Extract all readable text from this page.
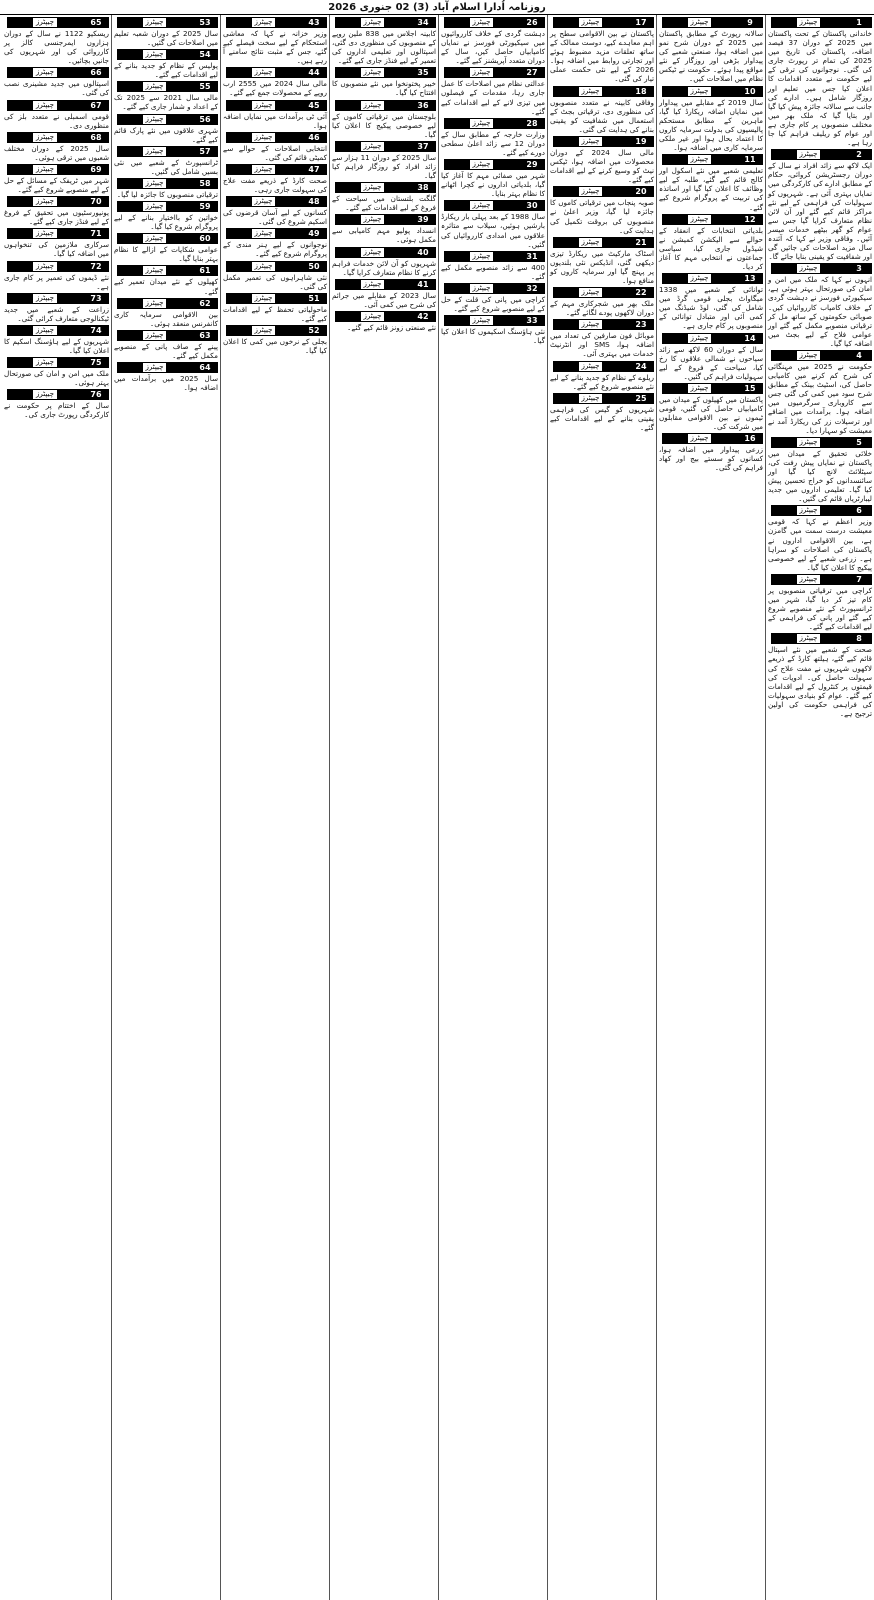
روزنامہ اُدارا اسلام آباد (3) 02 جنوری 2026
چیپٹرز	1

خاندانی پاکستان کے تحت پاکستان میں 2025 کے دوران 37 فیصد اضافہ، پاکستان کی تاریخ میں 2025 کی تمام تر رپورٹ جاری کی گئی۔ نوجوانوں کی ترقی کے لیے حکومت نے متعدد اقدامات کا اعلان کیا جس میں تعلیم اور روزگار شامل ہیں۔ ادارے کی جانب سے سالانہ جائزہ پیش کیا گیا اور بتایا گیا کہ ملک بھر میں مختلف منصوبوں پر کام جاری ہے اور عوام کو ریلیف فراہم کیا جا رہا ہے۔

چیپٹرز	2

ایک لاکھ سے زائد افراد نے سال کے دوران رجسٹریشن کروائی، حکام کے مطابق ادارے کی کارکردگی میں نمایاں بہتری آئی ہے۔ شہریوں کو سہولیات کی فراہمی کے لیے نئے مراکز قائم کیے گئے اور آن لائن نظام متعارف کرایا گیا جس سے عوام کو گھر بیٹھے خدمات میسر آئیں۔ وفاقی وزیر نے کہا کہ آئندہ سال مزید اصلاحات کی جائیں گی اور شفافیت کو یقینی بنایا جائے گا۔

چیپٹرز	3

انہوں نے کہا کہ ملک میں امن و امان کی صورتحال بہتر ہوئی ہے، سیکیورٹی فورسز نے دہشت گردی کے خلاف کامیاب کارروائیاں کیں۔ صوبائی حکومتوں کے ساتھ مل کر ترقیاتی منصوبے مکمل کیے گئے اور عوامی فلاح کے لیے بجٹ میں اضافہ کیا گیا۔

چیپٹرز	4

حکومت نے 2025 میں مہنگائی کی شرح کم کرنے میں کامیابی حاصل کی، اسٹیٹ بینک کے مطابق شرح سود میں کمی کی گئی جس سے کاروباری سرگرمیوں میں اضافہ ہوا۔ برآمدات میں اضافے اور ترسیلات زر کی ریکارڈ آمد نے معیشت کو سہارا دیا۔

چیپٹرز	5

خلائی تحقیق کے میدان میں پاکستان نے نمایاں پیش رفت کی، سیٹلائٹ لانچ کیا گیا اور سائنسدانوں کو خراج تحسین پیش کیا گیا۔ تعلیمی اداروں میں جدید لیبارٹریاں قائم کی گئیں۔

چیپٹرز	6

وزیر اعظم نے کہا کہ قومی معیشت درست سمت میں گامزن ہے، بین الاقوامی اداروں نے پاکستان کی اصلاحات کو سراہا ہے۔ زرعی شعبے کے لیے خصوصی پیکیج کا اعلان کیا گیا۔

چیپٹرز	7

کراچی میں ترقیاتی منصوبوں پر کام تیز کر دیا گیا، شہر میں ٹرانسپورٹ کے نئے منصوبے شروع کیے گئے اور پانی کی فراہمی کے لیے اقدامات کیے گئے۔

چیپٹرز	8

صحت کے شعبے میں نئے اسپتال قائم کیے گئے، ہیلتھ کارڈ کے ذریعے لاکھوں شہریوں نے مفت علاج کی سہولت حاصل کی۔ ادویات کی قیمتوں پر کنٹرول کے لیے اقدامات کیے گئے۔ عوام کو بنیادی سہولیات کی فراہمی حکومت کی اولین ترجیح ہے۔

چیپٹرز	9

سالانہ رپورٹ کے مطابق پاکستان میں 2025 کے دوران شرح نمو میں اضافہ ہوا، صنعتی شعبے کی پیداوار بڑھی اور روزگار کے نئے مواقع پیدا ہوئے۔ حکومت نے ٹیکس نظام میں اصلاحات کیں۔

چیپٹرز	10

سال 2019 کے مقابلے میں پیداوار میں نمایاں اضافہ ریکارڈ کیا گیا، ماہرین کے مطابق مستحکم پالیسیوں کی بدولت سرمایہ کاروں کا اعتماد بحال ہوا اور غیر ملکی سرمایہ کاری میں اضافہ ہوا۔

چیپٹرز	11

تعلیمی شعبے میں نئے اسکول اور کالج قائم کیے گئے، طلبہ کے لیے وظائف کا اعلان کیا گیا اور اساتذہ کی تربیت کے پروگرام شروع کیے گئے۔

چیپٹرز	12

بلدیاتی انتخابات کے انعقاد کے حوالے سے الیکشن کمیشن نے شیڈول جاری کیا، سیاسی جماعتوں نے انتخابی مہم کا آغاز کر دیا۔

چیپٹرز	13

توانائی کے شعبے میں 1338 میگاواٹ بجلی قومی گرڈ میں شامل کی گئی، لوڈ شیڈنگ میں کمی آئی اور متبادل توانائی کے منصوبوں پر کام جاری ہے۔

چیپٹرز	14

سال کے دوران 60 لاکھ سے زائد سیاحوں نے شمالی علاقوں کا رخ کیا، سیاحت کے فروغ کے لیے سہولیات فراہم کی گئیں۔

چیپٹرز	15

پاکستان میں کھیلوں کے میدان میں کامیابیاں حاصل کی گئیں، قومی ٹیموں نے بین الاقوامی مقابلوں میں شرکت کی۔

چیپٹرز	16

زرعی پیداوار میں اضافہ ہوا، کسانوں کو سستے بیج اور کھاد فراہم کی گئی۔

چیپٹرز	17

پاکستان نے بین الاقوامی سطح پر اہم معاہدے کیے، دوست ممالک کے ساتھ تعلقات مزید مضبوط ہوئے اور تجارتی روابط میں اضافہ ہوا۔ 2026 کے لیے نئی حکمت عملی تیار کی گئی۔

چیپٹرز	18

وفاقی کابینہ نے متعدد منصوبوں کی منظوری دی، ترقیاتی بجٹ کے استعمال میں شفافیت کو یقینی بنانے کی ہدایت کی گئی۔

چیپٹرز	19

مالی سال 2024 کے دوران محصولات میں اضافہ ہوا، ٹیکس نیٹ کو وسیع کرنے کے لیے اقدامات کیے گئے۔

چیپٹرز	20

صوبہ پنجاب میں ترقیاتی کاموں کا جائزہ لیا گیا، وزیر اعلیٰ نے منصوبوں کی بروقت تکمیل کی ہدایت کی۔

چیپٹرز	21

اسٹاک مارکیٹ میں ریکارڈ تیزی دیکھی گئی، انڈیکس نئی بلندیوں پر پہنچ گیا اور سرمایہ کاروں کو منافع ہوا۔

چیپٹرز	22

ملک بھر میں شجرکاری مہم کے دوران لاکھوں پودے لگائے گئے۔

چیپٹرز	23

موبائل فون صارفین کی تعداد میں اضافہ ہوا، SMS اور انٹرنیٹ خدمات میں بہتری آئی۔

چیپٹرز	24

ریلوے کے نظام کو جدید بنانے کے لیے نئے منصوبے شروع کیے گئے۔

چیپٹرز	25

شہریوں کو گیس کی فراہمی یقینی بنانے کے لیے اقدامات کیے گئے۔

چیپٹرز	26

دہشت گردی کے خلاف کارروائیوں میں سیکیورٹی فورسز نے نمایاں کامیابیاں حاصل کیں، سال کے دوران متعدد آپریشنز کیے گئے۔

چیپٹرز	27

عدالتی نظام میں اصلاحات کا عمل جاری رہا، مقدمات کے فیصلوں میں تیزی لانے کے لیے اقدامات کیے گئے۔

چیپٹرز	28

وزارت خارجہ کے مطابق سال کے دوران 12 سے زائد اعلیٰ سطحی دورے کیے گئے۔

چیپٹرز	29

شہر میں صفائی مہم کا آغاز کیا گیا، بلدیاتی اداروں نے کچرا اٹھانے کا نظام بہتر بنایا۔

چیپٹرز	30

سال 1988 کے بعد پہلی بار ریکارڈ بارشیں ہوئیں، سیلاب سے متاثرہ علاقوں میں امدادی کارروائیاں کی گئیں۔

چیپٹرز	31

400 سے زائد منصوبے مکمل کیے گئے۔

چیپٹرز	32

کراچی میں پانی کی قلت کے حل کے لیے منصوبے شروع کیے گئے۔

چیپٹرز	33

نئی ہاؤسنگ اسکیموں کا اعلان کیا گیا۔

چیپٹرز	34

کابینہ اجلاس میں 838 ملین روپے کے منصوبوں کی منظوری دی گئی، اسپتالوں اور تعلیمی اداروں کی تعمیر کے لیے فنڈز جاری کیے گئے۔

چیپٹرز	35

خیبر پختونخوا میں نئے منصوبوں کا افتتاح کیا گیا۔

چیپٹرز	36

بلوچستان میں ترقیاتی کاموں کے لیے خصوصی پیکیج کا اعلان کیا گیا۔

چیپٹرز	37

سال 2025 کے دوران 11 ہزار سے زائد افراد کو روزگار فراہم کیا گیا۔

چیپٹرز	38

گلگت بلتستان میں سیاحت کے فروغ کے لیے اقدامات کیے گئے۔

چیپٹرز	39

انسداد پولیو مہم کامیابی سے مکمل ہوئی۔

چیپٹرز	40

شہریوں کو آن لائن خدمات فراہم کرنے کا نظام متعارف کرایا گیا۔

چیپٹرز	41

سال 2023 کے مقابلے میں جرائم کی شرح میں کمی آئی۔

چیپٹرز	42

نئے صنعتی زونز قائم کیے گئے۔

چیپٹرز	43

وزیر خزانہ نے کہا کہ معاشی استحکام کے لیے سخت فیصلے کیے گئے، جس کے مثبت نتائج سامنے آ رہے ہیں۔

چیپٹرز	44

مالی سال 2024 میں 2555 ارب روپے کے محصولات جمع کیے گئے۔

چیپٹرز	45

آئی ٹی برآمدات میں نمایاں اضافہ ہوا۔

چیپٹرز	46

انتخابی اصلاحات کے حوالے سے کمیٹی قائم کی گئی۔

چیپٹرز	47

صحت کارڈ کے ذریعے مفت علاج کی سہولت جاری رہی۔

چیپٹرز	48

کسانوں کے لیے آسان قرضوں کی اسکیم شروع کی گئی۔

چیپٹرز	49

نوجوانوں کے لیے ہنر مندی کے پروگرام شروع کیے گئے۔

چیپٹرز	50

نئی شاہراہوں کی تعمیر مکمل کی گئی۔

چیپٹرز	51

ماحولیاتی تحفظ کے لیے اقدامات کیے گئے۔

چیپٹرز	52

بجلی کے نرخوں میں کمی کا اعلان کیا گیا۔

چیپٹرز	53

سال 2025 کے دوران شعبہ تعلیم میں اصلاحات کی گئیں۔

چیپٹرز	54

پولیس کے نظام کو جدید بنانے کے لیے اقدامات کیے گئے۔

چیپٹرز	55

مالی سال 2021 سے 2025 تک کے اعداد و شمار جاری کیے گئے۔

چیپٹرز	56

شہری علاقوں میں نئے پارک قائم کیے گئے۔

چیپٹرز	57

ٹرانسپورٹ کے شعبے میں نئی بسیں شامل کی گئیں۔

چیپٹرز	58

ترقیاتی منصوبوں کا جائزہ لیا گیا۔

چیپٹرز	59

خواتین کو بااختیار بنانے کے لیے پروگرام شروع کیا گیا۔

چیپٹرز	60

عوامی شکایات کے ازالے کا نظام بہتر بنایا گیا۔

چیپٹرز	61

کھیلوں کے نئے میدان تعمیر کیے گئے۔

چیپٹرز	62

بین الاقوامی سرمایہ کاری کانفرنس منعقد ہوئی۔

چیپٹرز	63

پینے کے صاف پانی کے منصوبے مکمل کیے گئے۔

چیپٹرز	64

سال 2025 میں برآمدات میں اضافہ ہوا۔

چیپٹرز	65

ریسکیو 1122 نے سال کے دوران ہزاروں ایمرجنسی کالز پر کارروائی کی اور شہریوں کی جانیں بچائیں۔

چیپٹرز	66

اسپتالوں میں جدید مشینری نصب کی گئی۔

چیپٹرز	67

قومی اسمبلی نے متعدد بلز کی منظوری دی۔

چیپٹرز	68

سال 2025 کے دوران مختلف شعبوں میں ترقی ہوئی۔

چیپٹرز	69

شہر میں ٹریفک کے مسائل کے حل کے لیے منصوبے شروع کیے گئے۔

چیپٹرز	70

یونیورسٹیوں میں تحقیق کے فروغ کے لیے فنڈز جاری کیے گئے۔

چیپٹرز	71

سرکاری ملازمین کی تنخواہوں میں اضافہ کیا گیا۔

چیپٹرز	72

نئے ڈیموں کی تعمیر پر کام جاری ہے۔

چیپٹرز	73

زراعت کے شعبے میں جدید ٹیکنالوجی متعارف کرائی گئی۔

چیپٹرز	74

شہریوں کے لیے ہاؤسنگ اسکیم کا اعلان کیا گیا۔

چیپٹرز	75

ملک میں امن و امان کی صورتحال بہتر ہوئی۔

چیپٹرز	76

سال کے اختتام پر حکومت نے کارکردگی رپورٹ جاری کی۔
